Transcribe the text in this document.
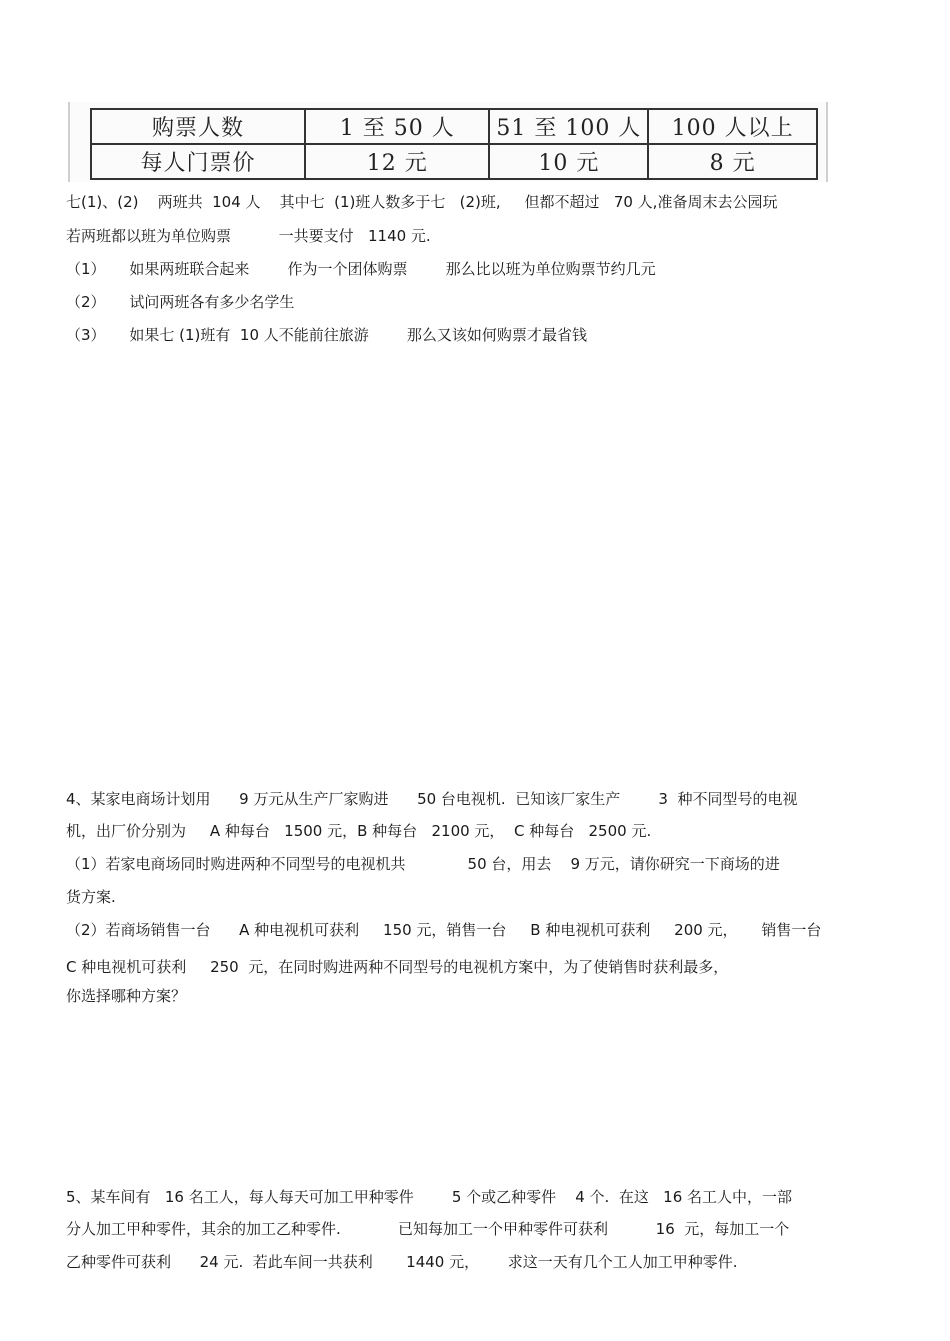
购票人数	1 至 50 人	51 至 100 人	100 人以上
每人门票价	12 元	10 元	8 元
七(1)、(2)    两班共  104 人    其中七  (1)班人数多于七   (2)班,     但都不超过   70 人,准备周末去公园玩
若两班都以班为单位购票          一共要支付   1140 元.
（1）     如果两班联合起来        作为一个团体购票        那么比以班为单位购票节约几元
（2）     试问两班各有多少名学生
（3）     如果七 (1)班有  10 人不能前往旅游        那么又该如何购票才最省钱
4、某家电商场计划用      9 万元从生产厂家购进      50 台电视机.  已知该厂家生产        3  种不同型号的电视
机，出厂价分别为     A 种每台   1500 元，B 种每台   2100 元，  C 种每台   2500 元.
（1）若家电商场同时购进两种不同型号的电视机共             50 台，用去    9 万元，请你研究一下商场的进
货方案.
（2）若商场销售一台      A 种电视机可获利     150 元，销售一台     B 种电视机可获利     200 元，     销售一台
C 种电视机可获利     250  元，在同时购进两种不同型号的电视机方案中，为了使销售时获利最多，
你选择哪种方案？
5、某车间有   16 名工人，每人每天可加工甲种零件        5 个或乙种零件    4 个.  在这   16 名工人中，一部
分人加工甲种零件，其余的加工乙种零件.            已知每加工一个甲种零件可获利          16  元，每加工一个
乙种零件可获利      24 元.  若此车间一共获利       1440 元，      求这一天有几个工人加工甲种零件.
